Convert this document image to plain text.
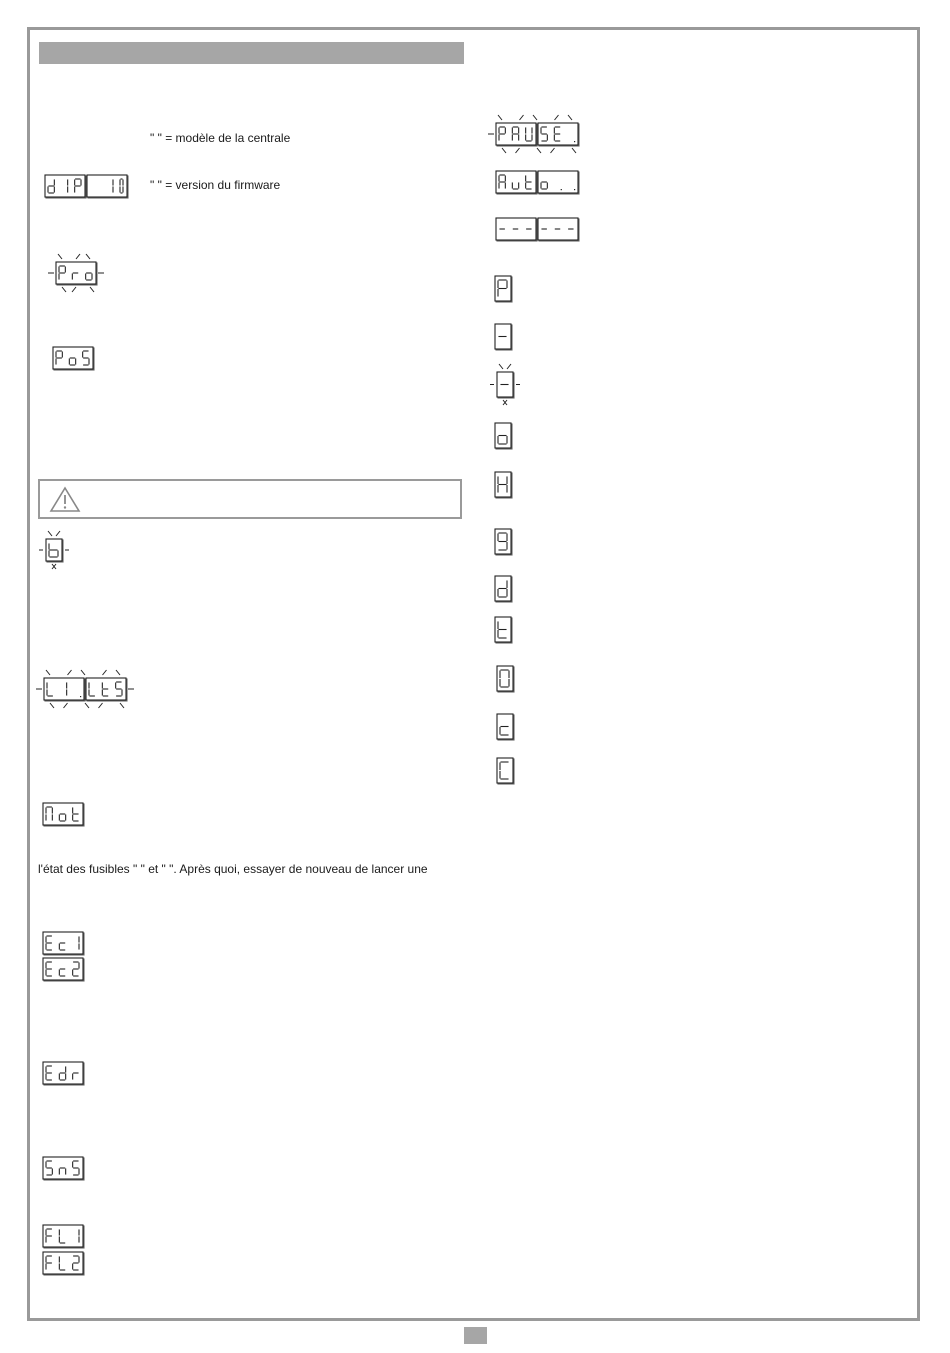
" " = modèle de la centrale
" " = version du firmware
l'état des fusibles " " et " ". Après quoi, essayer de nouveau de lancer une
